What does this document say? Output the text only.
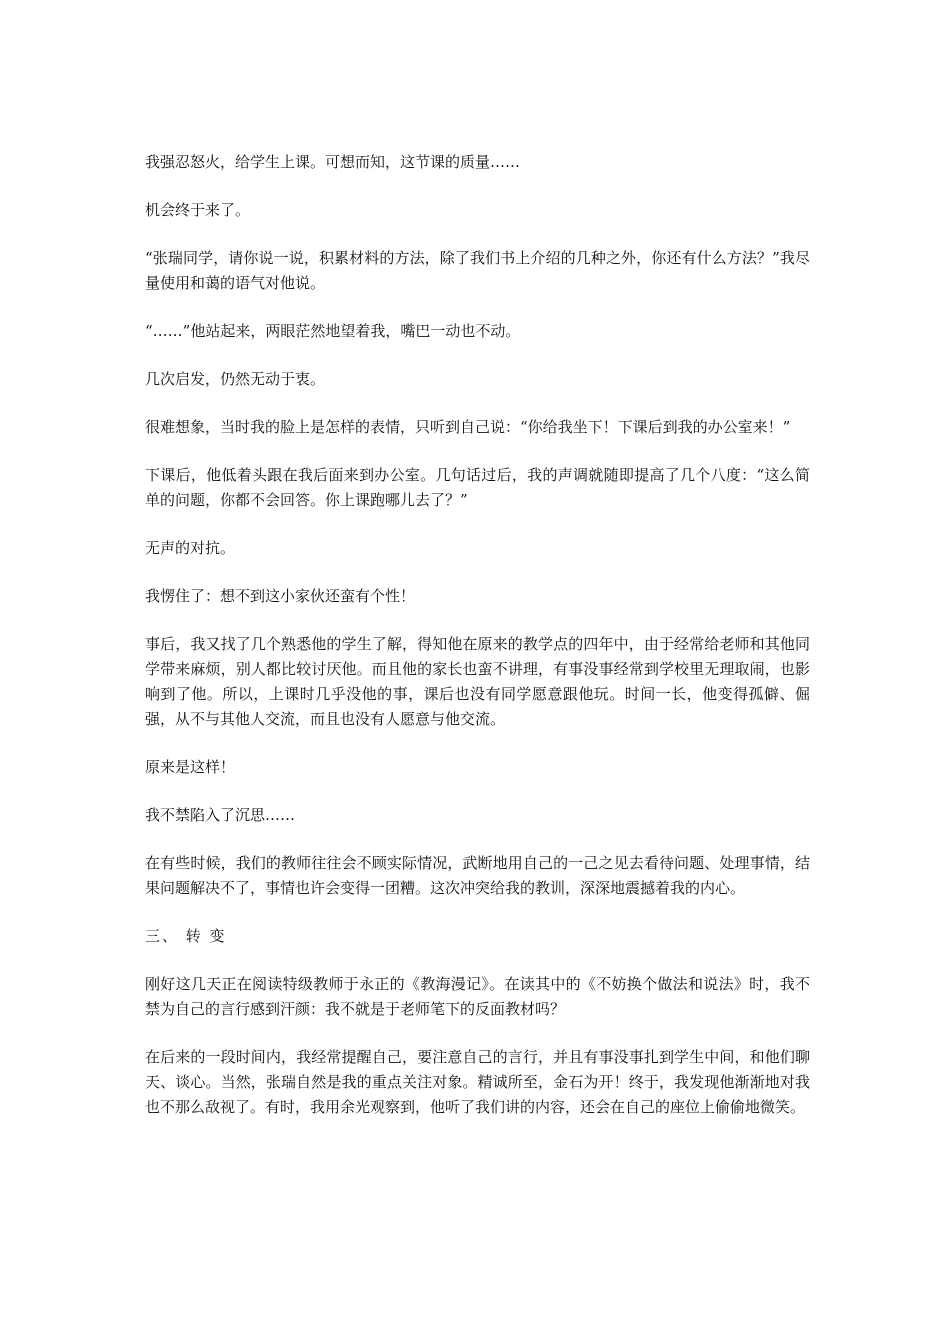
我强忍怒火，给学生上课。可想而知，这节课的质量……

机会终于来了。

“张瑞同学，请你说一说，积累材料的方法，除了我们书上介绍的几种之外，你还有什么方法？”我尽量使用和蔼的语气对他说。

“……”他站起来，两眼茫然地望着我，嘴巴一动也不动。

几次启发，仍然无动于衷。

很难想象，当时我的脸上是怎样的表情，只听到自己说：“你给我坐下！下课后到我的办公室来！”

下课后，他低着头跟在我后面来到办公室。几句话过后，我的声调就随即提高了几个八度：“这么简单的问题，你都不会回答。你上课跑哪儿去了？”

无声的对抗。

我愣住了：想不到这小家伙还蛮有个性！

事后，我又找了几个熟悉他的学生了解，得知他在原来的教学点的四年中，由于经常给老师和其他同学带来麻烦，别人都比较讨厌他。而且他的家长也蛮不讲理，有事没事经常到学校里无理取闹，也影响到了他。所以，上课时几乎没他的事，课后也没有同学愿意跟他玩。时间一长，他变得孤僻、倔强，从不与其他人交流，而且也没有人愿意与他交流。

原来是这样！

我不禁陷入了沉思……

在有些时候，我们的教师往往会不顾实际情况，武断地用自己的一己之见去看待问题、处理事情，结果问题解决不了，事情也许会变得一团糟。这次冲突给我的教训，深深地震撼着我的内心。

三、 转 变

刚好这几天正在阅读特级教师于永正的《教海漫记》。在读其中的《不妨换个做法和说法》时，我不禁为自己的言行感到汗颜：我不就是于老师笔下的反面教材吗？

在后来的一段时间内，我经常提醒自己，要注意自己的言行，并且有事没事扎到学生中间，和他们聊天、谈心。当然，张瑞自然是我的重点关注对象。精诚所至，金石为开！终于，我发现他渐渐地对我也不那么敌视了。有时，我用余光观察到，他听了我们讲的内容，还会在自己的座位上偷偷地微笑。
